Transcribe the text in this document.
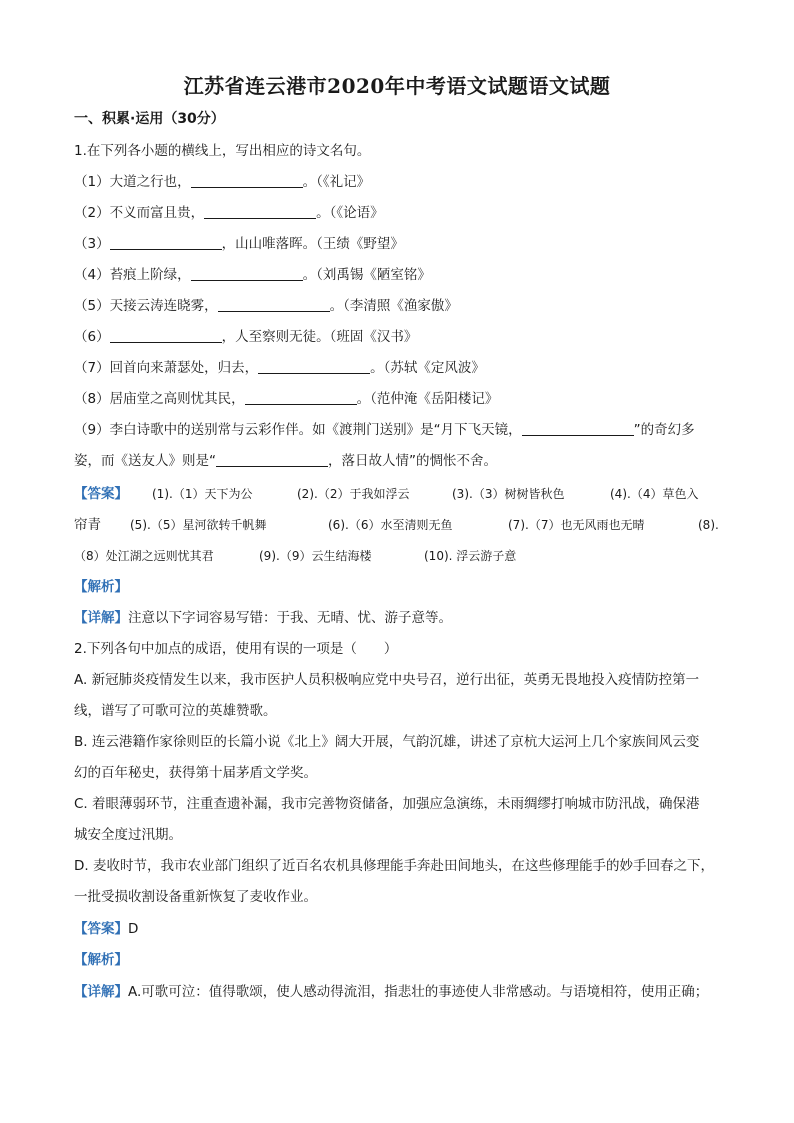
江苏省连云港市2020年中考语文试题语文试题
一、积累·运用（30分）
1.在下列各小题的横线上，写出相应的诗文名句。
（1）大道之行也，	。（《礼记》
（2）不义而富且贵，	。（《论语》
（3）	，山山唯落晖。（王绩《野望》
（4）苔痕上阶绿，	。（刘禹锡《陋室铭》
（5）天接云涛连晓雾，	。（李清照《渔家傲》
（6）	，人至察则无徒。（班固《汉书》
（7）回首向来萧瑟处，归去，	。（苏轼《定风波》
（8）居庙堂之高则忧其民，	。（范仲淹《岳阳楼记》
（9）李白诗歌中的送别常与云彩作伴。如《渡荆门送别》是“月下飞天镜，	”的奇幻多
姿，而《送友人》则是“	，落日故人情”的惆怅不舍。
【答案】 (1).（1）天下为公	(2).（2）于我如浮云	(3).（3）树树皆秋色	(4).（4）草色入
帘青 (5).（5）星河欲转千帆舞	(6).（6）水至清则无鱼	(7).（7）也无风雨也无晴	(8).
（8）处江湖之远则忧其君	(9).（9）云生结海楼	(10). 浮云游子意
【解析】
【详解】注意以下字词容易写错：于我、无晴、忧、游子意等。
2.下列各句中加点的成语，使用有误的一项是（　　）
A. 新冠肺炎疫情发生以来，我市医护人员积极响应党中央号召，逆行出征，英勇无畏地投入疫情防控第一
线，谱写了可歌可泣的英雄赞歌。
B. 连云港籍作家徐则臣的长篇小说《北上》阔大开展，气韵沉雄，讲述了京杭大运河上几个家族间风云变
幻的百年秘史，获得第十届茅盾文学奖。
C. 着眼薄弱环节，注重查遗补漏，我市完善物资储备，加强应急演练，未雨绸缪打响城市防汛战，确保港
城安全度过汛期。
D. 麦收时节，我市农业部门组织了近百名农机具修理能手奔赴田间地头，在这些修理能手的妙手回春之下，
一批受损收割设备重新恢复了麦收作业。
【答案】D
【解析】
【详解】A.可歌可泣：值得歌颂，使人感动得流泪，指悲壮的事迹使人非常感动。与语境相符，使用正确；
